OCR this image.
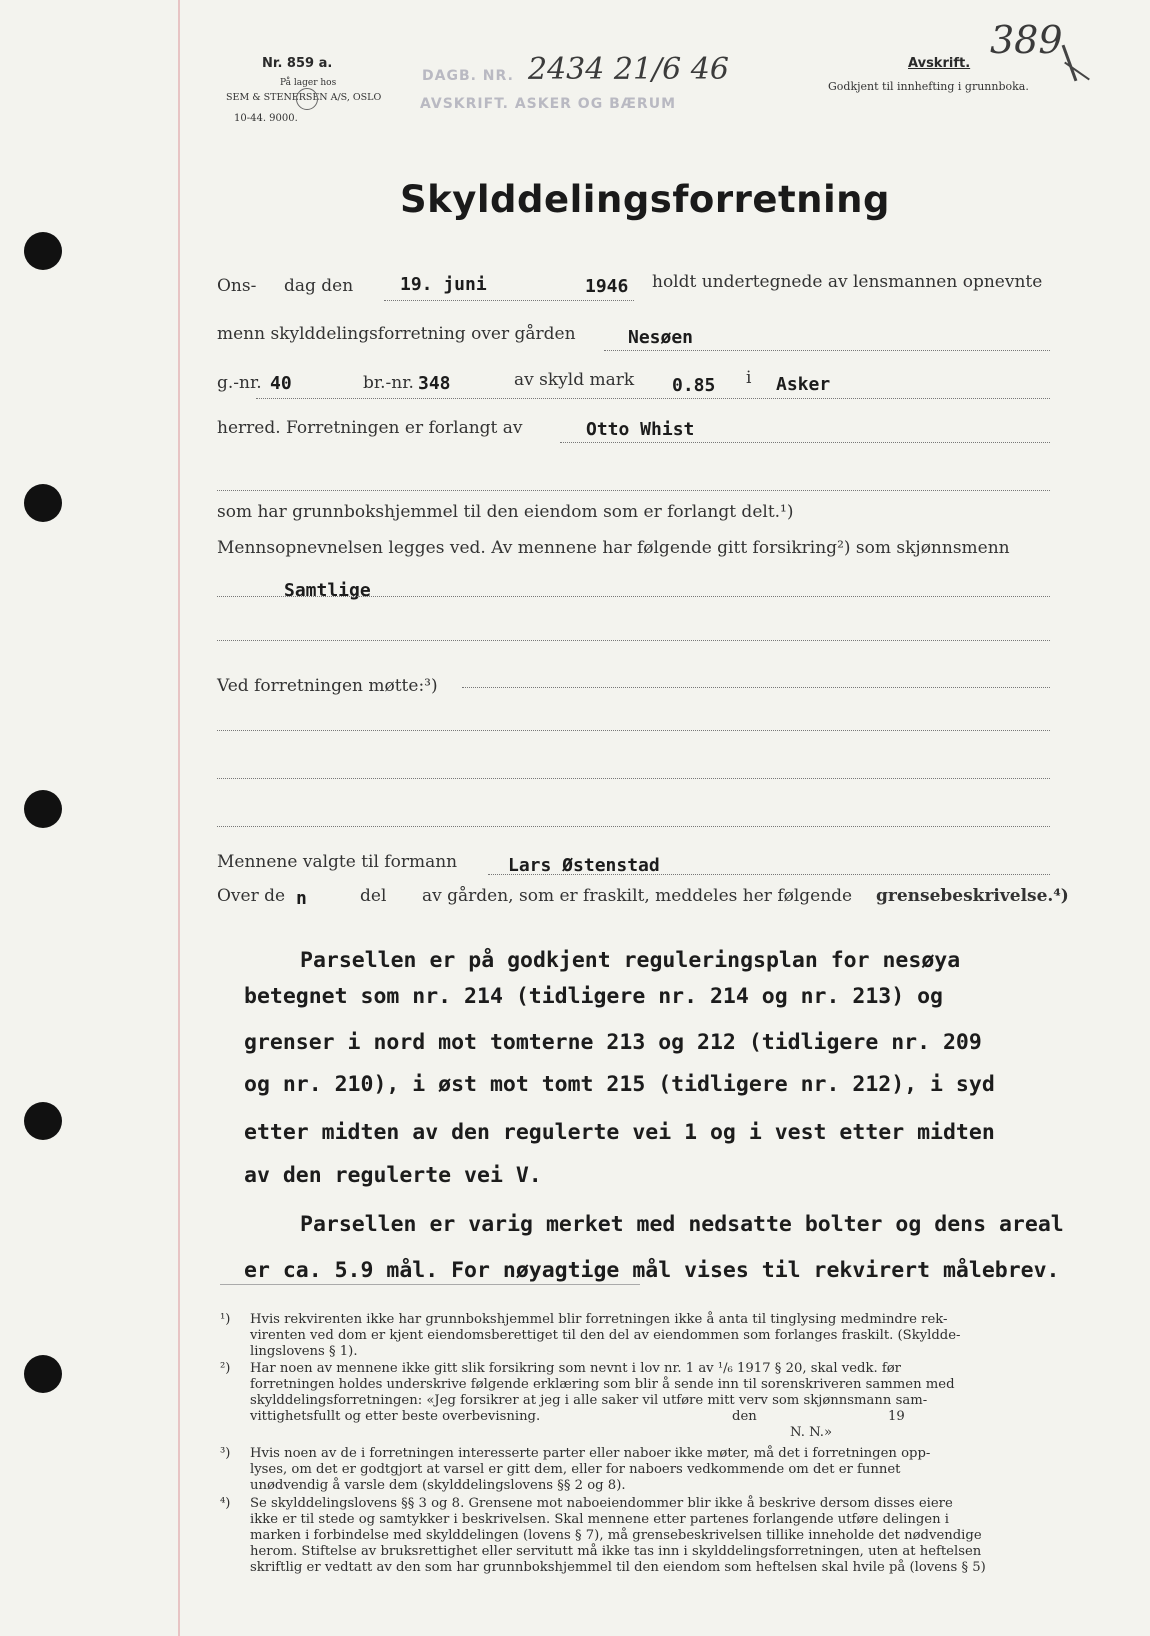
Nr. 859 a.
På lager hos
SEM & STENERSEN A/S, OSLO
10-44. 9000.
DAGB. NR. 2434 21/6 46
AVSKRIFT. ASKER OG BÆRUM
Avskrift.
Godkjent til innhefting i grunnboka.
389
Skylddelingsforretning
Ons- dag den	19. juni	1946 holdt undertegnede av lensmannen opnevnte
menn skylddelingsforretning over gården	Nesøen
g.-nr. 40	br.-nr. 348	av skyld mark 0.85 i Asker
herred. Forretningen er forlangt av	Otto Whist
som har grunnbokshjemmel til den eiendom som er forlangt delt.¹)
Mennsopnevnelsen legges ved. Av mennene har følgende gitt forsikring²) som skjønnsmenn
Samtlige
Ved forretningen møtte:³)
Mennene valgte til formann	Lars Østenstad
Over de n	del av gården, som er fraskilt, meddeles her følgende grensebeskrivelse.⁴)
Parsellen er på godkjent reguleringsplan for nesøya
betegnet som nr. 214 (tidligere nr. 214 og nr. 213) og
grenser i nord mot tomterne 213 og 212 (tidligere nr. 209
og nr. 210), i øst mot tomt 215 (tidligere nr. 212), i syd
etter midten av den regulerte vei 1 og i vest etter midten
av den regulerte vei V.
Parsellen er varig merket med nedsatte bolter og dens areal
er ca. 5.9 mål. For nøyagtige mål vises til rekvirert målebrev.
¹) Hvis rekvirenten ikke har grunnbokshjemmel blir forretningen ikke å anta til tinglysing medmindre rek-
virenten ved dom er kjent eiendomsberettiget til den del av eiendommen som forlanges fraskilt. (Skyldde-
lingslovens § 1).
²) Har noen av mennene ikke gitt slik forsikring som nevnt i lov nr. 1 av ¹/₆ 1917 § 20, skal vedk. før
forretningen holdes underskrive følgende erklæring som blir å sende inn til sorenskriveren sammen med
skylddelingsforretningen: «Jeg forsikrer at jeg i alle saker vil utføre mitt verv som skjønnsmann sam-
vittighetsfullt og etter beste overbevisning.	den	19
N. N.»
³) Hvis noen av de i forretningen interesserte parter eller naboer ikke møter, må det i forretningen opp-
lyses, om det er godtgjort at varsel er gitt dem, eller for naboers vedkommende om det er funnet
unødvendig å varsle dem (skylddelingslovens §§ 2 og 8).
⁴) Se skylddelingslovens §§ 3 og 8. Grensene mot naboeiendommer blir ikke å beskrive dersom disses eiere
ikke er til stede og samtykker i beskrivelsen. Skal mennene etter partenes forlangende utføre delingen i
marken i forbindelse med skylddelingen (lovens § 7), må grensebeskrivelsen tillike inneholde det nødvendige
herom. Stiftelse av bruksrettighet eller servitutt må ikke tas inn i skylddelingsforretningen, uten at heftelsen
skriftlig er vedtatt av den som har grunnbokshjemmel til den eiendom som heftelsen skal hvile på (lovens § 5)
